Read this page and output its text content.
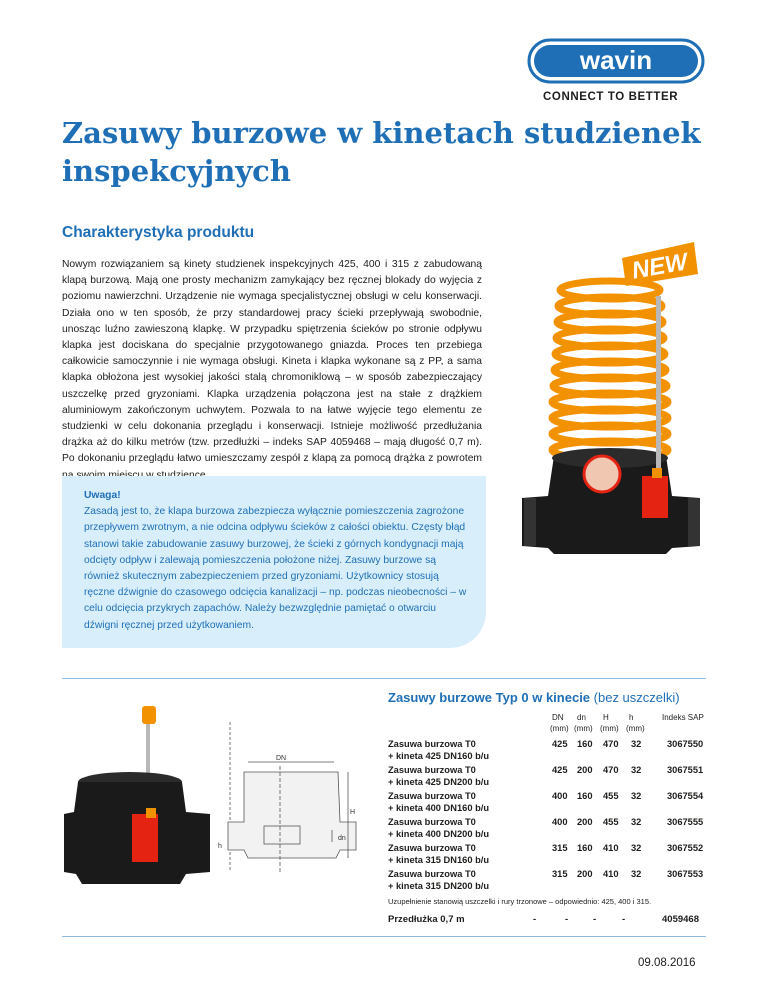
wavin
CONNECT TO BETTER
Zasuwy burzowe w kinetach studzienek inspekcyjnych
Charakterystyka produktu
Nowym rozwiązaniem są kinety studzienek inspekcyjnych 425, 400 i 315 z zabudowaną klapą burzową. Mają one prosty mechanizm zamykający bez ręcznej blokady do wyjęcia z poziomu nawierzchni. Urządzenie nie wymaga specjalistycznej obsługi w celu konserwacji. Działa ono w ten sposób, że przy standardowej pracy ścieki przepływają swobodnie, unosząc luźno zawieszoną klapkę. W przypadku spiętrzenia ścieków po stronie odpływu klapka jest dociskana do specjalnie przygotowanego gniazda. Proces ten przebiega całkowicie samoczynnie i nie wymaga obsługi. Kineta i klapka wykonane są z PP, a sama klapka obłożona jest wysokiej jakości stalą chromoniklową – w sposób zabezpieczający uszczelkę przed gryzoniami. Klapka urządzenia połączona jest na stałe z drążkiem aluminiowym zakończonym uchwytem. Pozwala to na łatwe wyjęcie tego elementu ze studzienki w celu dokonania przeglądu i konserwacji. Istnieje możliwość przedłużania drążka aż do kilku metrów (tzw. przedłużki – indeks SAP 4059468 – mają długość 0,7 m). Po dokonaniu przeglądu łatwo umieszczamy zespół z klapą za pomocą drążka z powrotem
NEW
Uwaga!
Zasadą jest to, że klapa burzowa zabezpiecza wyłącznie pomieszczenia zagrożone przepływem zwrotnym, a nie odcina odpływu ścieków z całości obiektu. Częsty błąd stanowi takie zabudowanie zasuwy burzowej, że ścieki z górnych kondygnacji mają odcięty odpływ i zalewają pomieszczenia położone niżej. Zasuwy burzowe są również skutecznym zabezpieczeniem przed gryzoniami. Użytkownicy stosują ręczne dźwignie do czasowego odcięcia kanalizacji – np. podczas nieobecności – w celu odcięcia przykrych zapachów. Należy bezwzględnie pamiętać o otwarciu dźwigni ręcznej przed użytkowaniem.
DN
H
dn
h
Zasuwy burzowe Typ 0 w kinecie (bez uszczelki)
DN dn H	h	Indeks SAP
(mm) (mm) (mm) (mm)
Zasuwa burzowa T0
+ kineta 425 DN160 b/u
425 160 470 32	3067550
Zasuwa burzowa T0
+ kineta 425 DN200 b/u
425 200 470 32	3067551
Zasuwa burzowa T0
+ kineta 400 DN160 b/u
400 160 455 32	3067554
Zasuwa burzowa T0
+ kineta 400 DN200 b/u
400 200 455 32	3067555
Zasuwa burzowa T0
+ kineta 315 DN160 b/u
315 160 410 32	3067552
Zasuwa burzowa T0
+ kineta 315 DN200 b/u
315 200 410 32	3067553
Uzupełnienie stanowią uszczelki i rury trzonowe – odpowiednio: 425, 400 i 315.
Przedłużka 0,7 m	-	-	-	-	4059468
09.08.2016
